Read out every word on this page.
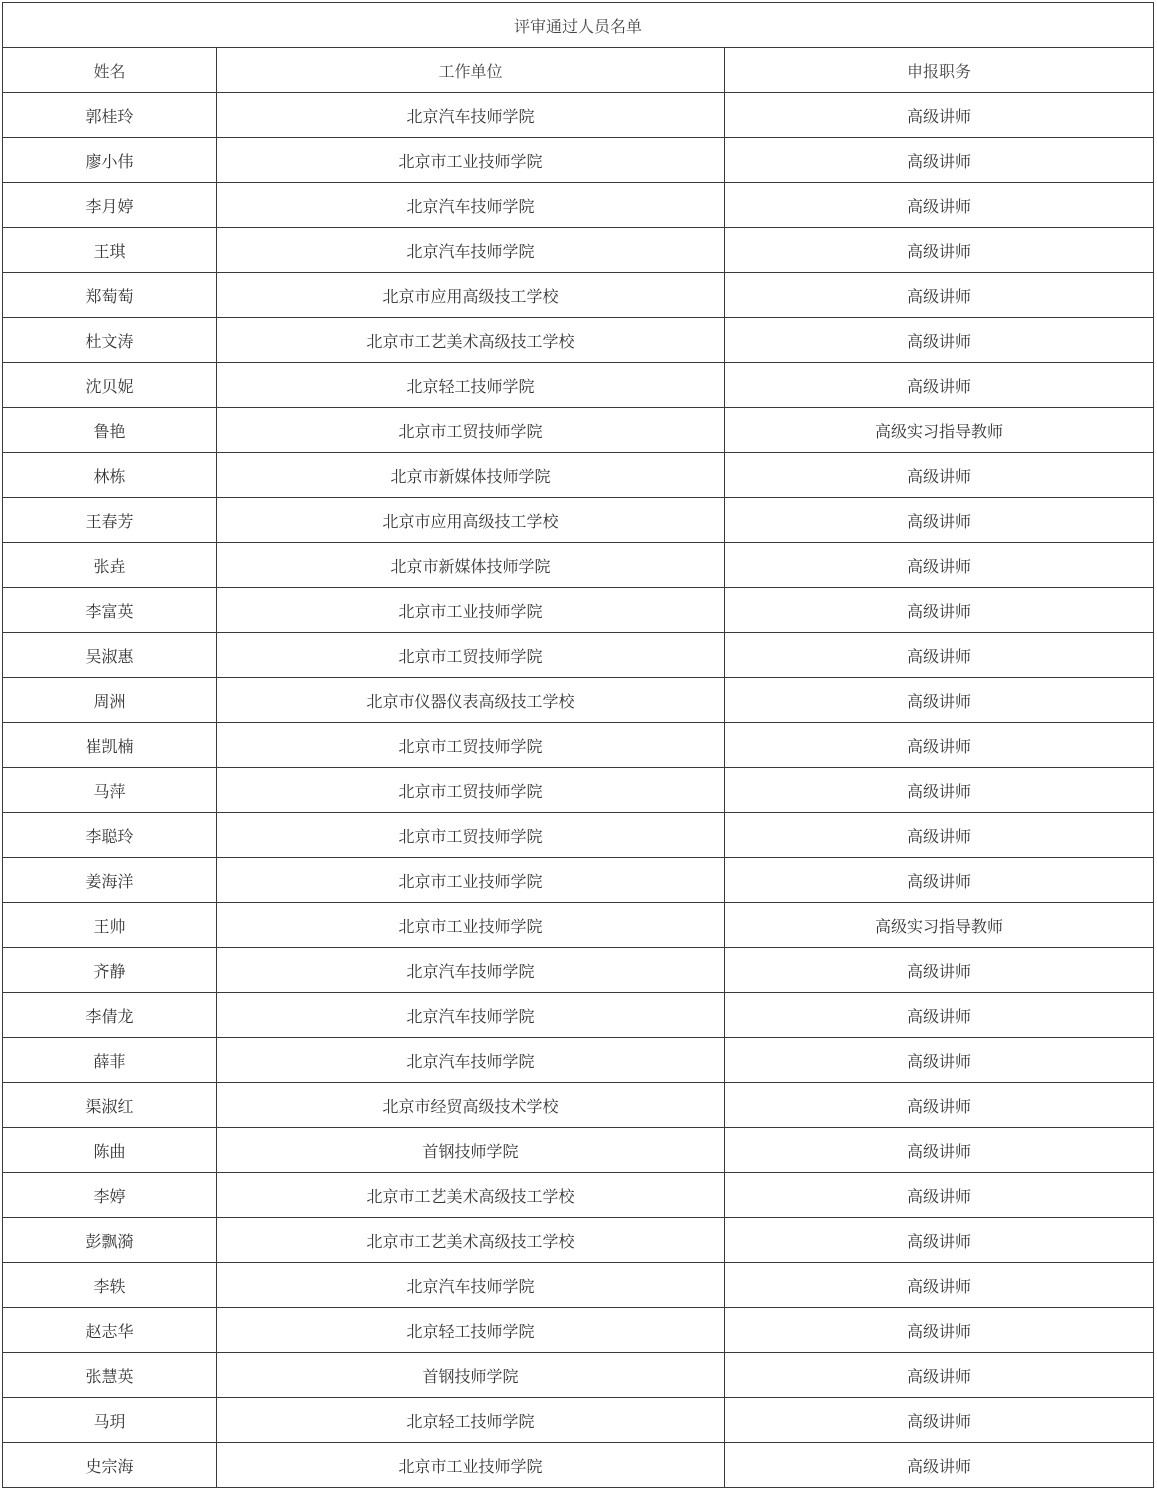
评审通过人员名单		
姓名	工作单位	申报职务
郭桂玲	北京汽车技师学院	高级讲师
廖小伟	北京市工业技师学院	高级讲师
李月婷	北京汽车技师学院	高级讲师
王琪	北京汽车技师学院	高级讲师
郑萄萄	北京市应用高级技工学校	高级讲师
杜文涛	北京市工艺美术高级技工学校	高级讲师
沈贝妮	北京轻工技师学院	高级讲师
鲁艳	北京市工贸技师学院	高级实习指导教师
林栋	北京市新媒体技师学院	高级讲师
王春芳	北京市应用高级技工学校	高级讲师
张垚	北京市新媒体技师学院	高级讲师
李富英	北京市工业技师学院	高级讲师
吴淑惠	北京市工贸技师学院	高级讲师
周洲	北京市仪器仪表高级技工学校	高级讲师
崔凯楠	北京市工贸技师学院	高级讲师
马萍	北京市工贸技师学院	高级讲师
李聪玲	北京市工贸技师学院	高级讲师
姜海洋	北京市工业技师学院	高级讲师
王帅	北京市工业技师学院	高级实习指导教师
齐静	北京汽车技师学院	高级讲师
李倩龙	北京汽车技师学院	高级讲师
薛菲	北京汽车技师学院	高级讲师
渠淑红	北京市经贸高级技术学校	高级讲师
陈曲	首钢技师学院	高级讲师
李婷	北京市工艺美术高级技工学校	高级讲师
彭飘漪	北京市工艺美术高级技工学校	高级讲师
李轶	北京汽车技师学院	高级讲师
赵志华	北京轻工技师学院	高级讲师
张慧英	首钢技师学院	高级讲师
马玥	北京轻工技师学院	高级讲师
史宗海	北京市工业技师学院	高级讲师
